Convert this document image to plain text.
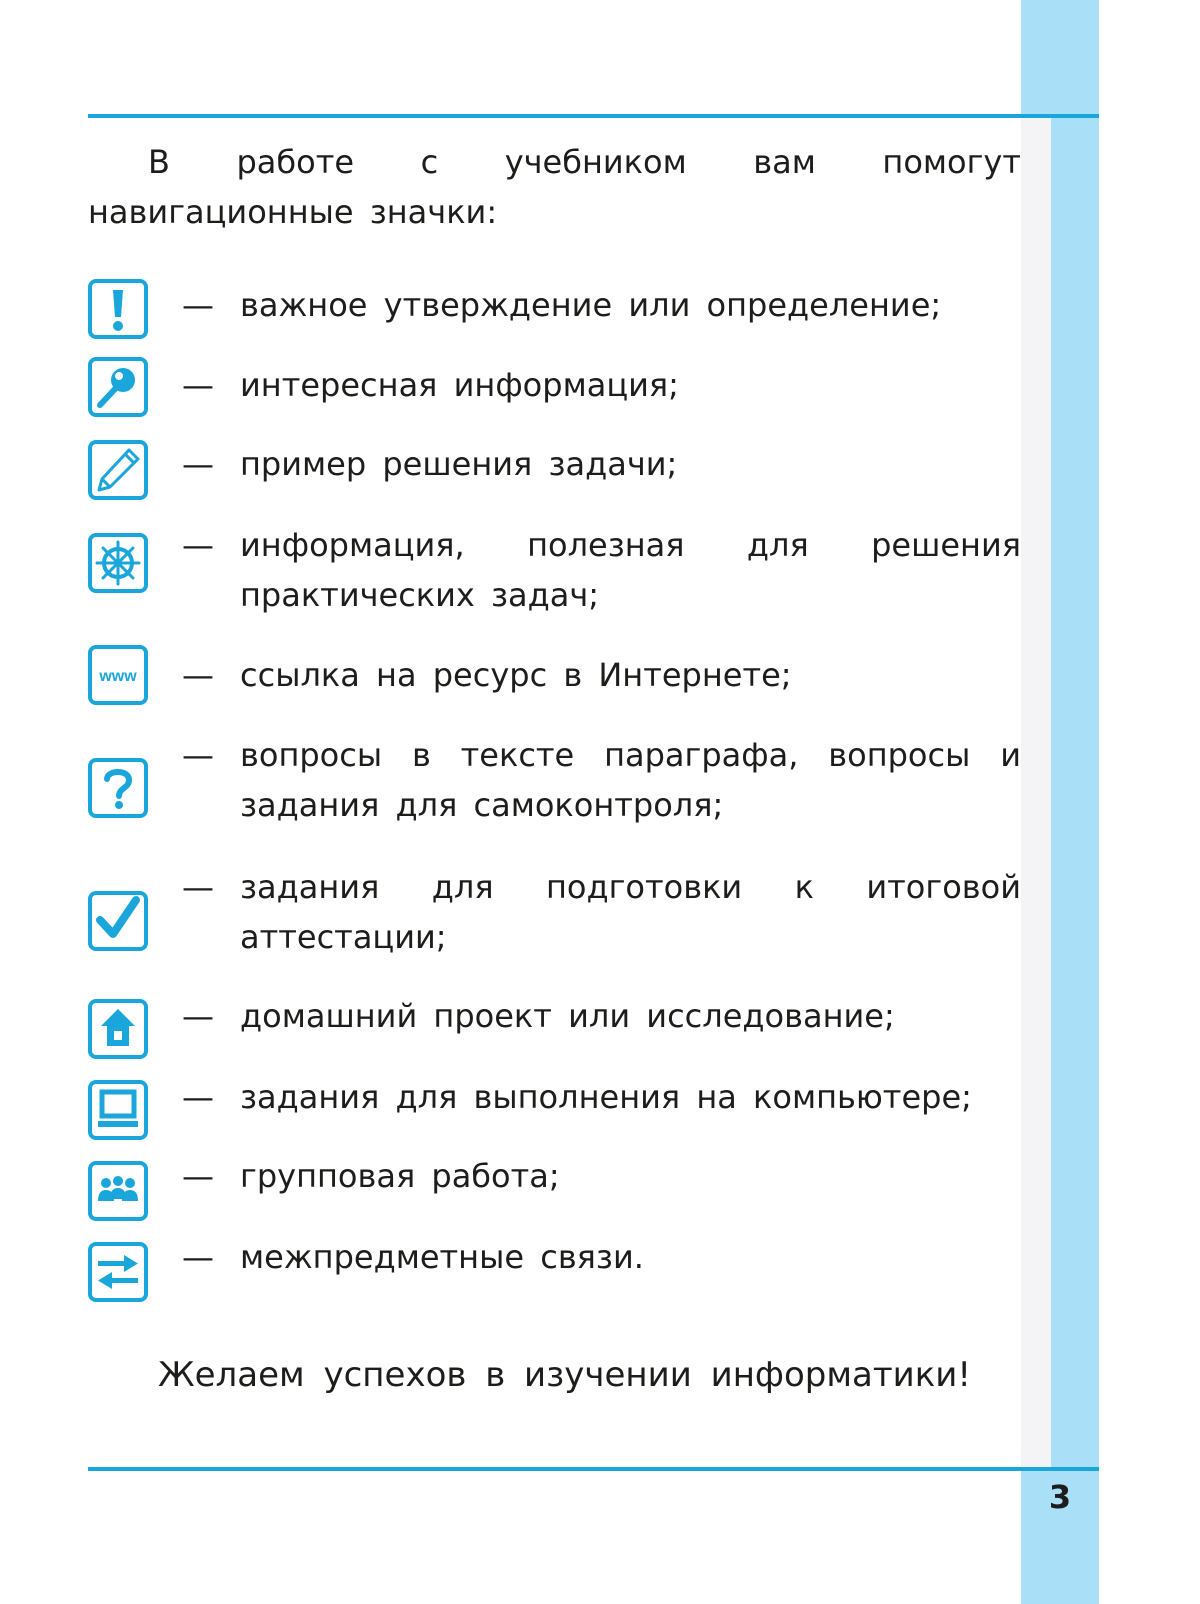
В работе с учебником вам помогут навигационные значки:

— важное утверждение или определение;
— интересная информация;
— пример решения задачи;
— информация, полезная для решения практических задач;
www — ссылка на ресурс в Интернете;
— вопросы в тексте параграфа, вопросы и задания для самоконтроля;
— задания для подготовки к итоговой аттестации;
— домашний проект или исследование;
— задания для выполнения на компьютере;
— групповая работа;
— межпредметные связи.
Желаем успехов в изучении информатики!
3
